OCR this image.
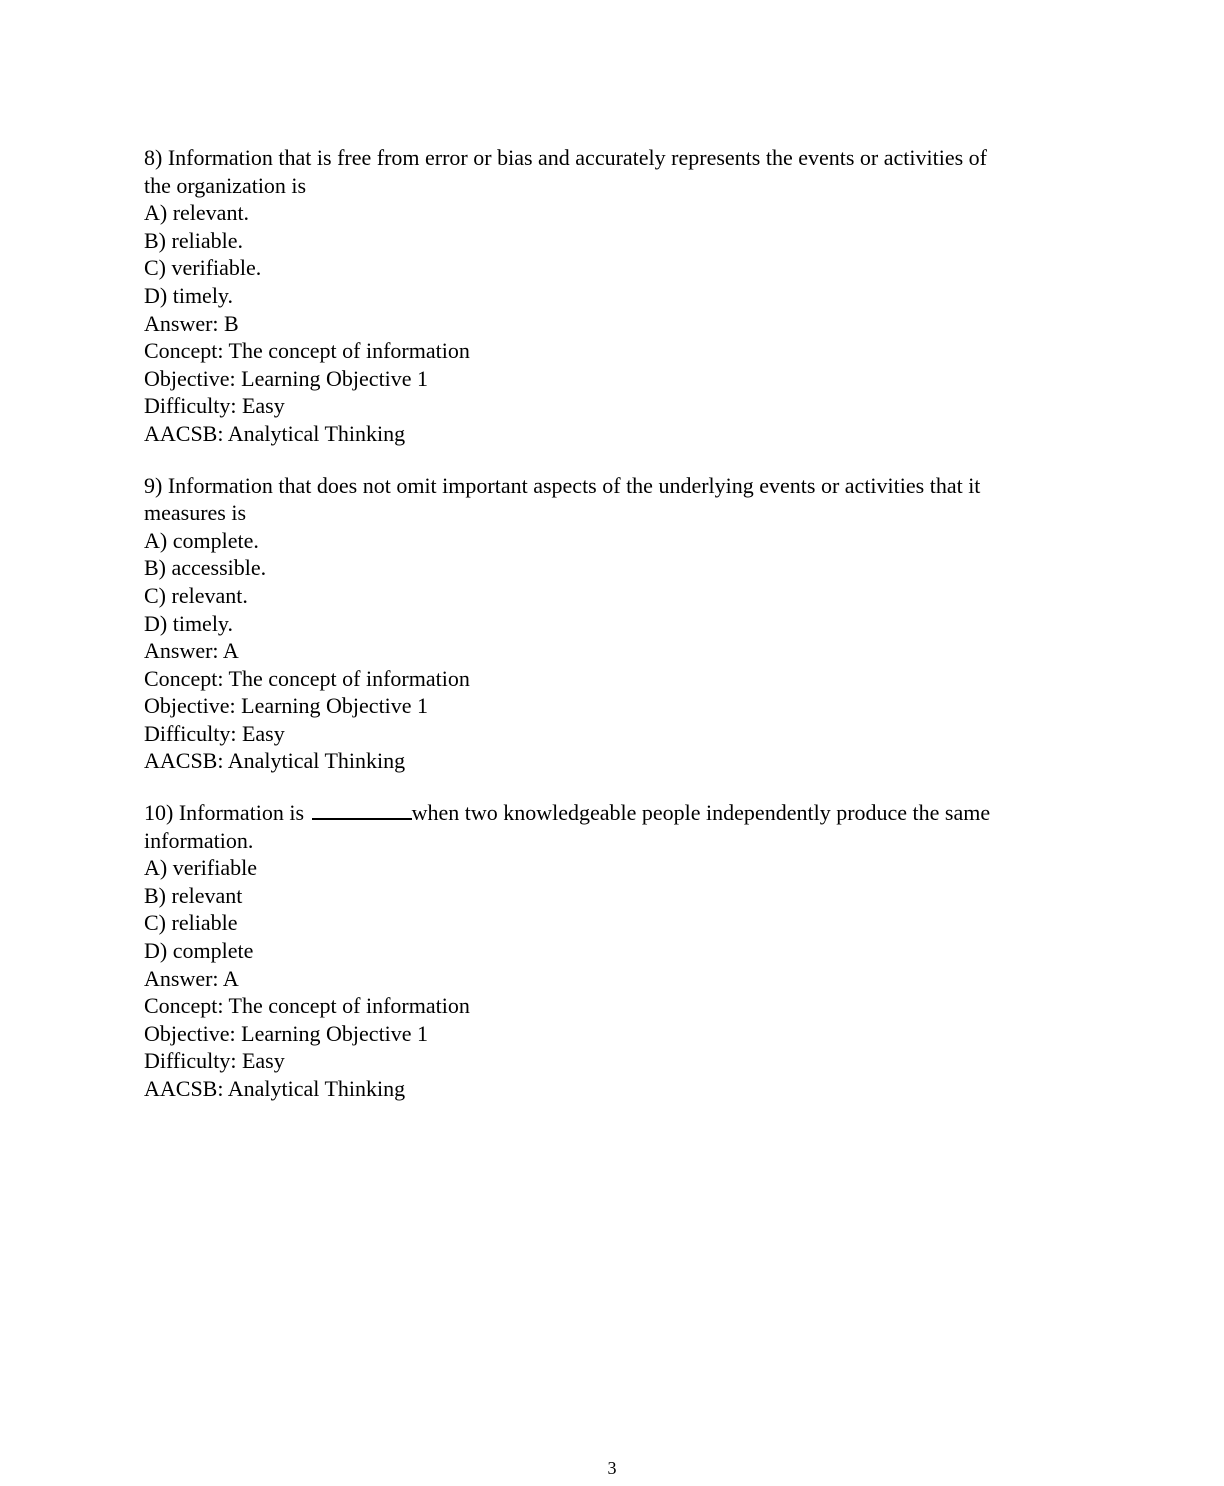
8) Information that is free from error or bias and accurately represents the events or activities of
the organization is
A) relevant.
B) reliable.
C) verifiable.
D) timely.
Answer: B
Concept: The concept of information
Objective: Learning Objective 1
Difficulty: Easy
AACSB: Analytical Thinking
9) Information that does not omit important aspects of the underlying events or activities that it
measures is
A) complete.
B) accessible.
C) relevant.
D) timely.
Answer: A
Concept: The concept of information
Objective: Learning Objective 1
Difficulty: Easy
AACSB: Analytical Thinking
10) Information is	when two knowledgeable people independently produce the same
information.
A) verifiable
B) relevant
C) reliable
D) complete
Answer: A
Concept: The concept of information
Objective: Learning Objective 1
Difficulty: Easy
AACSB: Analytical Thinking
3
